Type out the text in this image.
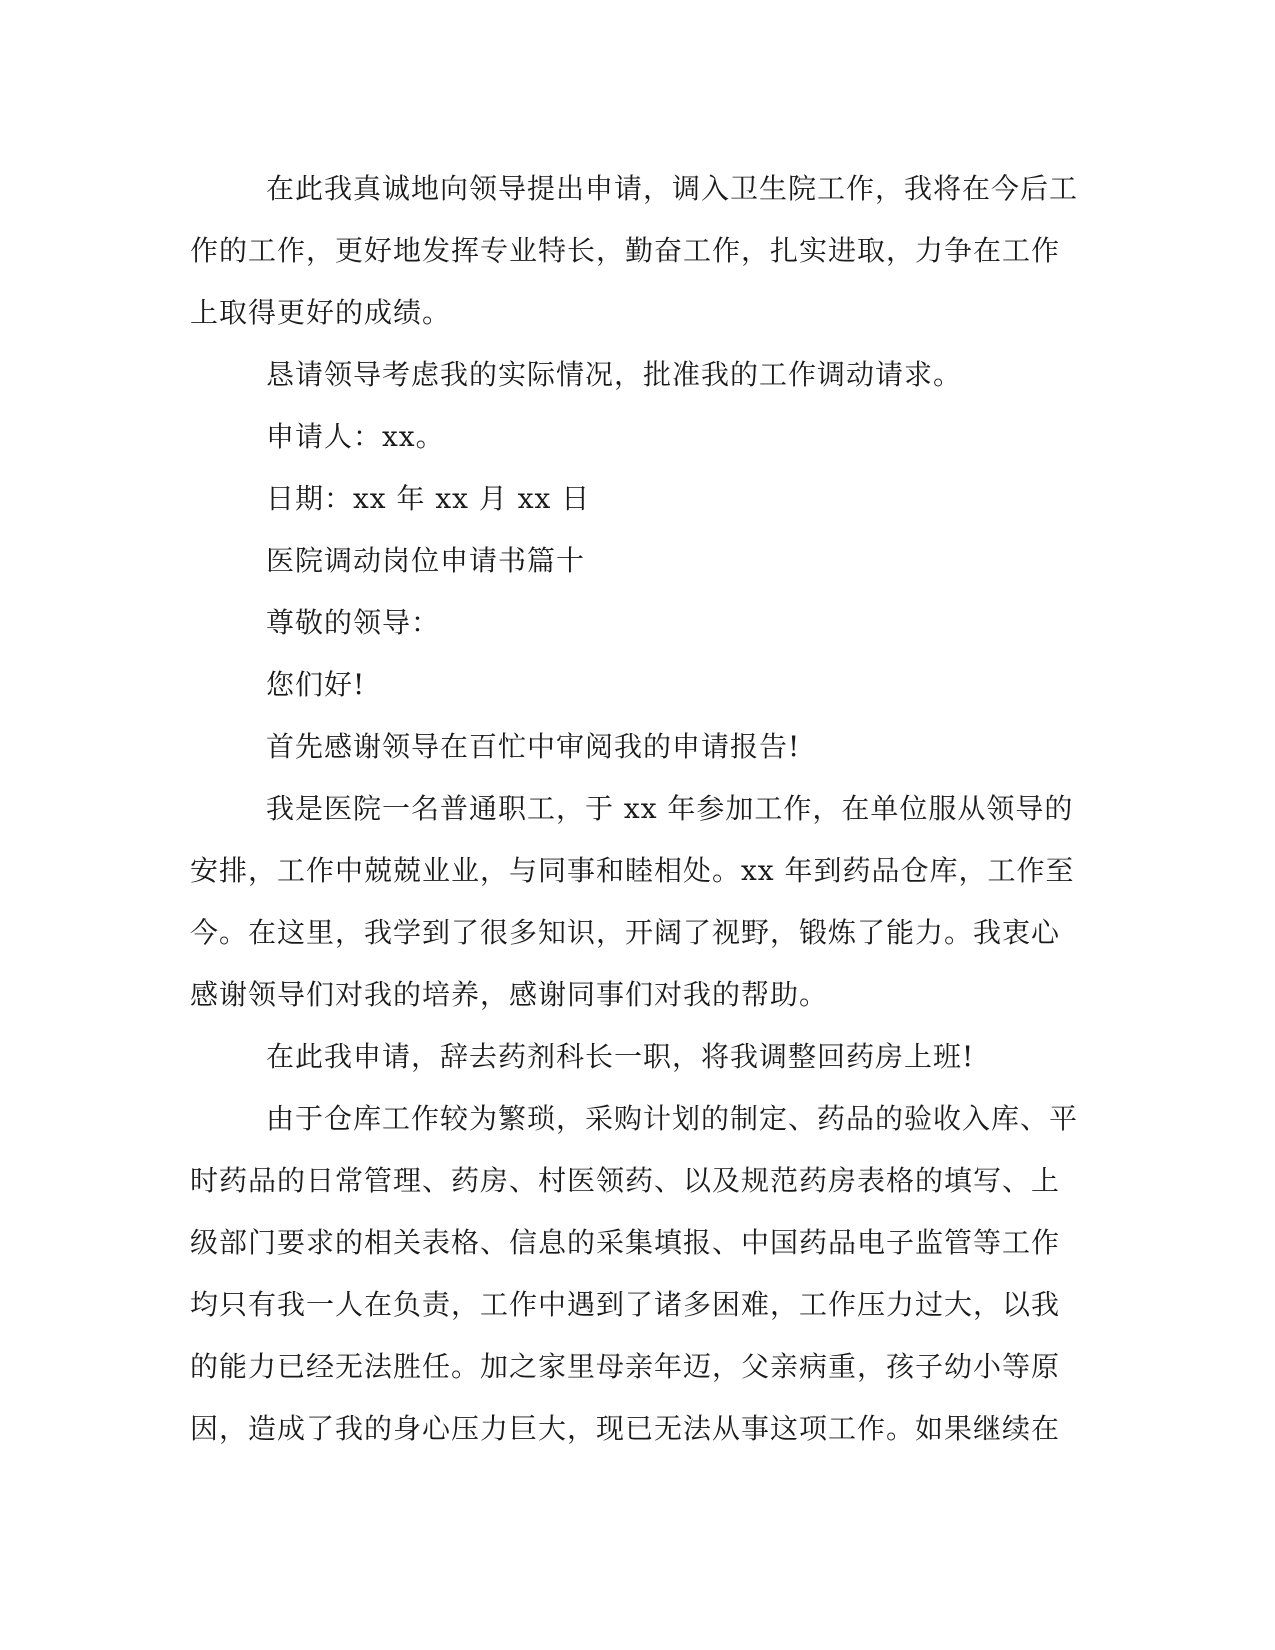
在此我真诚地向领导提出申请，调入卫生院工作，我将在今后工
作的工作，更好地发挥专业特长，勤奋工作，扎实进取，力争在工作
上取得更好的成绩。

恳请领导考虑我的实际情况，批准我的工作调动请求。

申请人：xx。

日期：xx 年 xx 月 xx 日

医院调动岗位申请书篇十

尊敬的领导：

您们好!

首先感谢领导在百忙中审阅我的申请报告!

我是医院一名普通职工，于 xx 年参加工作，在单位服从领导的
安排，工作中兢兢业业，与同事和睦相处。xx 年到药品仓库，工作至
今。在这里，我学到了很多知识，开阔了视野，锻炼了能力。我衷心
感谢领导们对我的培养，感谢同事们对我的帮助。

在此我申请，辞去药剂科长一职，将我调整回药房上班!

由于仓库工作较为繁琐，采购计划的制定、药品的验收入库、平
时药品的日常管理、药房、村医领药、以及规范药房表格的填写、上
级部门要求的相关表格、信息的采集填报、中国药品电子监管等工作
均只有我一人在负责，工作中遇到了诸多困难，工作压力过大，以我
的能力已经无法胜任。加之家里母亲年迈，父亲病重，孩子幼小等原
因，造成了我的身心压力巨大，现已无法从事这项工作。如果继续在
